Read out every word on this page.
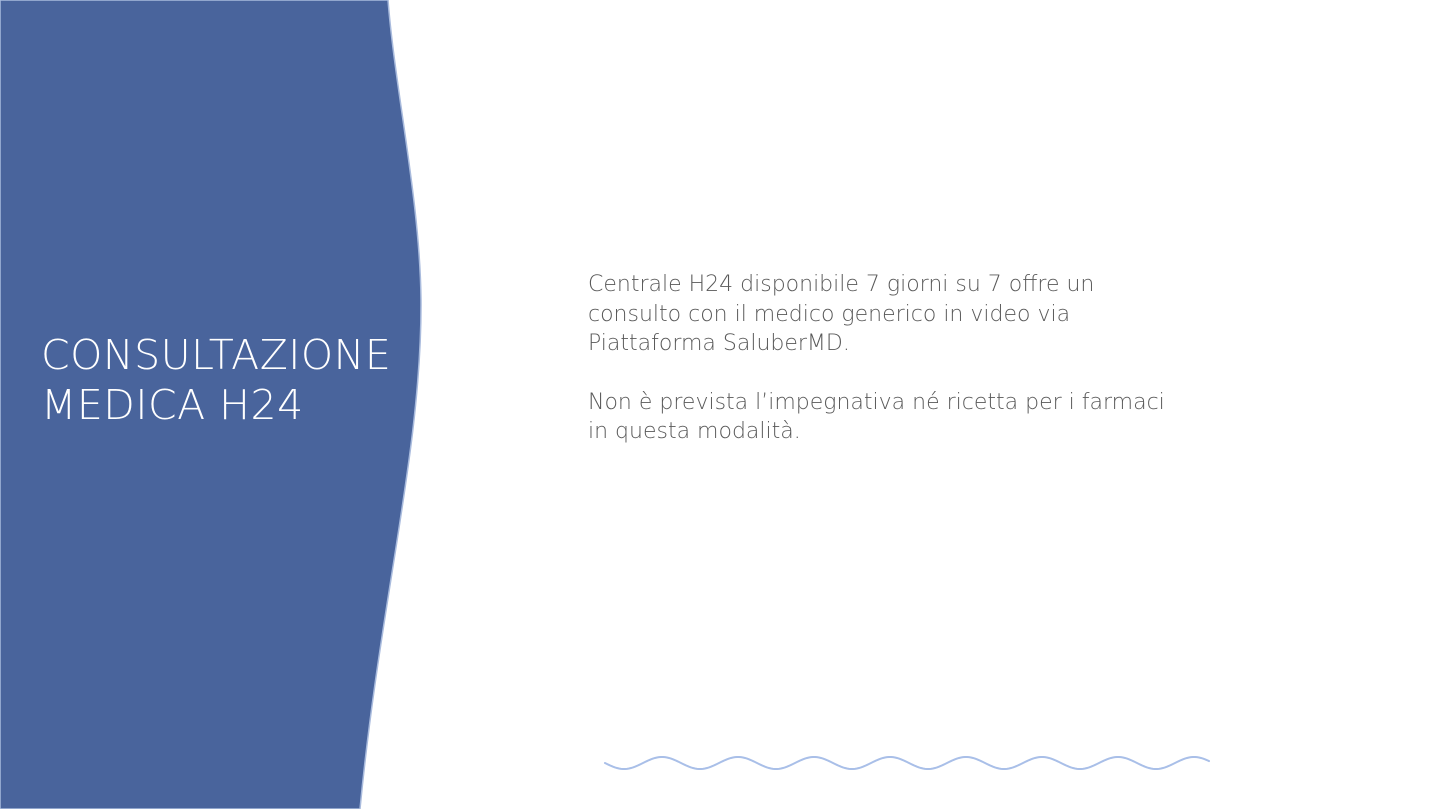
CONSULTAZIONE
MEDICA H24

Centrale H24 disponibile 7 giorni su 7 offre un consulto con il medico generico in video via Piattaforma SaluberMD.

Non è prevista l’impegnativa né ricetta per i farmaci in questa modalità.
